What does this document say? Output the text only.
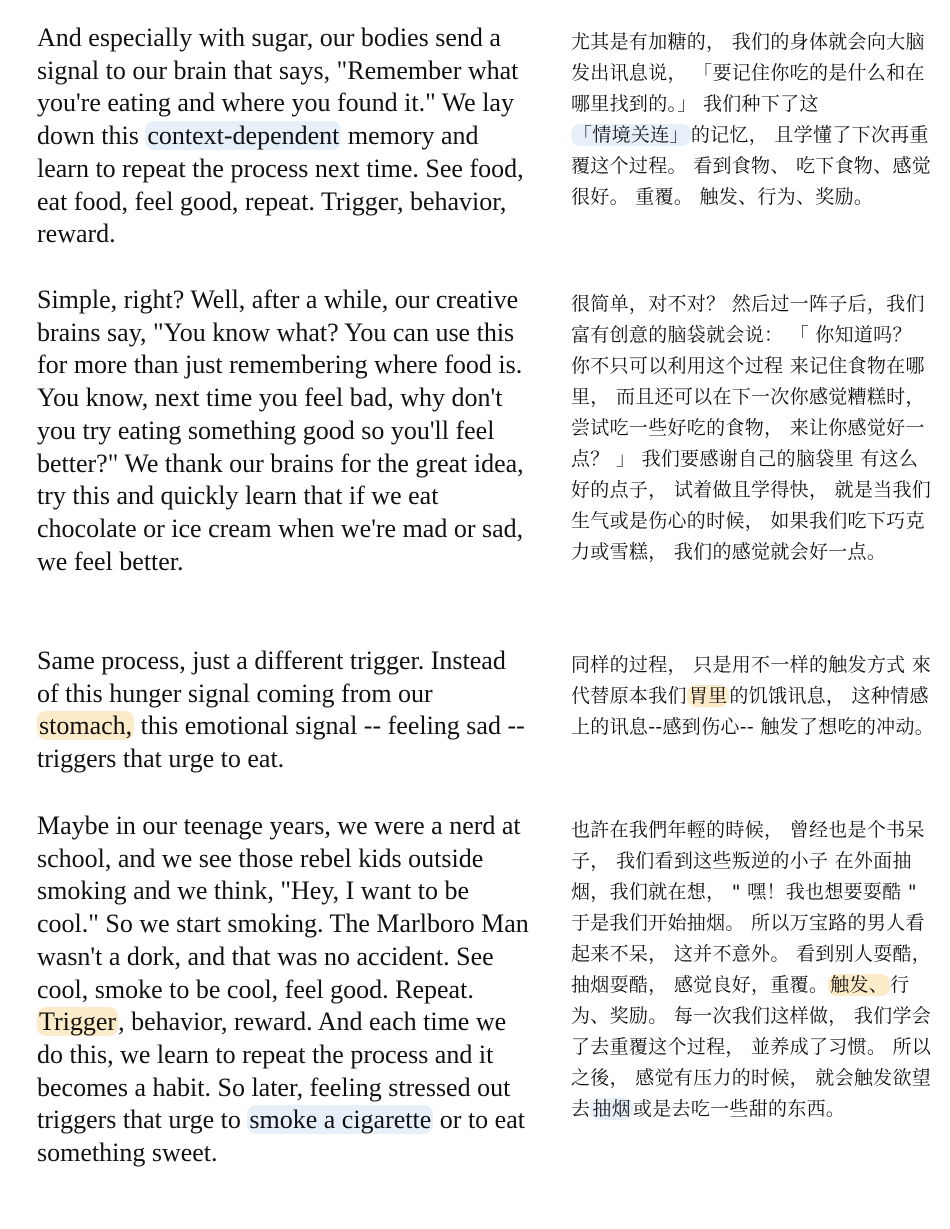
And especially with sugar, our bodies send a signal to our brain that says, "Remember what you're eating and where you found it." We lay down this context-dependent memory and learn to repeat the process next time. See food, eat food, feel good, repeat. Trigger, behavior, reward.

尤其是有加糖的， 我们的身体就会向大脑发出讯息说， 「要记住你吃的是什么和在哪里找到的。」 我们种下了这「情境关连」 的记忆， 且学懂了下次再重覆这个过程。 看到食物、 吃下食物、感觉很好。 重覆。 触发、行为、奖励。

Simple, right? Well, after a while, our creative brains say, "You know what? You can use this for more than just remembering where food is. You know, next time you feel bad, why don't you try eating something good so you'll feel better?" We thank our brains for the great idea, try this and quickly learn that if we eat chocolate or ice cream when we're mad or sad, we feel better.

很简单，对不对？ 然后过一阵子后，我们富有创意的脑袋就会说： 「 你知道吗？ 你不只可以利用这个过程 来记住食物在哪里， 而且还可以在下一次你感觉糟糕时， 尝试吃一些好吃的食物， 来让你感觉好一点？ 」 我们要感谢自己的脑袋里 有这么好的点子， 试着做且学得快， 就是当我们生气或是伤心的时候， 如果我们吃下巧克力或雪糕， 我们的感觉就会好一点。

Same process, just a different trigger. Instead of this hunger signal coming from our stomach, this emotional signal -- feeling sad -- triggers that urge to eat.

同样的过程， 只是用不一样的触发方式 來代替原本我们 胃里 的饥饿讯息， 这种情感上的讯息--感到伤心-- 触发了想吃的冲动。

Maybe in our teenage years, we were a nerd at school, and we see those rebel kids outside smoking and we think, "Hey, I want to be cool." So we start smoking. The Marlboro Man wasn't a dork, and that was no accident. See cool, smoke to be cool, feel good. Repeat. Trigger, behavior, reward. And each time we do this, we learn to repeat the process and it becomes a habit. So later, feeling stressed out triggers that urge to smoke a cigarette or to eat something sweet.

也許在我們年輕的時候， 曾经也是个书呆子， 我们看到这些叛逆的小子 在外面抽烟，我们就在想， " 嘿！我也想要耍酷 " 于是我们开始抽烟。 所以万宝路的男人看起来不呆， 这并不意外。 看到别人耍酷， 抽烟耍酷， 感觉良好，重覆。 触发、 行为、奖励。 每一次我们这样做， 我们学会了去重覆这个过程， 並养成了习惯。 所以之後， 感觉有压力的时候， 就会触发欲望去 抽烟 或是去吃一些甜的东西。
